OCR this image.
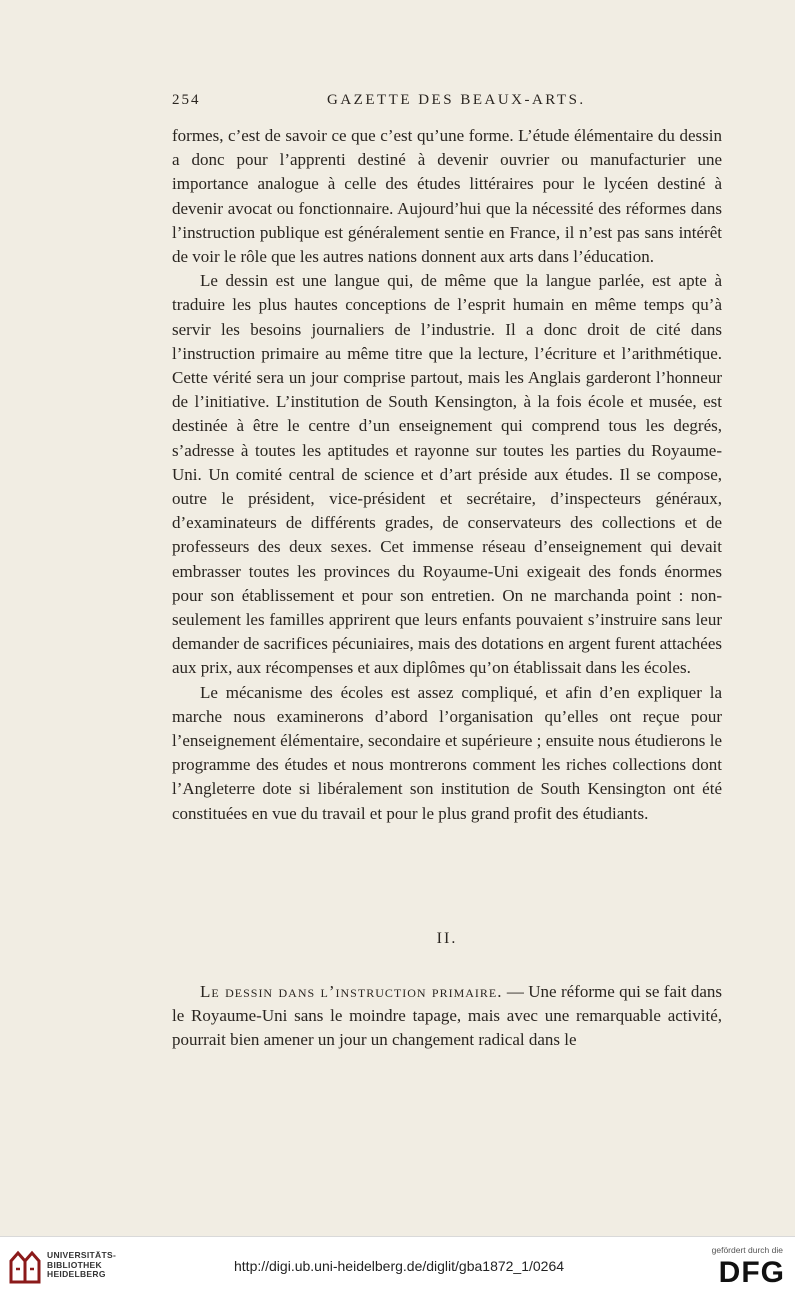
254	GAZETTE DES BEAUX-ARTS.

formes, c’est de savoir ce que c’est qu’une forme. L’étude élémentaire du dessin a donc pour l’apprenti destiné à devenir ouvrier ou manufacturier une importance analogue à celle des études littéraires pour le lycéen destiné à devenir avocat ou fonctionnaire. Aujourd’hui que la nécessité des réformes dans l’instruction publique est généralement sentie en France, il n’est pas sans intérêt de voir le rôle que les autres nations donnent aux arts dans l’éducation.

Le dessin est une langue qui, de même que la langue parlée, est apte à traduire les plus hautes conceptions de l’esprit humain en même temps qu’à servir les besoins journaliers de l’industrie. Il a donc droit de cité dans l’instruction primaire au même titre que la lecture, l’écriture et l’arithmétique. Cette vérité sera un jour comprise partout, mais les Anglais garderont l’honneur de l’initiative. L’institution de South Kensington, à la fois école et musée, est destinée à être le centre d’un enseignement qui comprend tous les degrés, s’adresse à toutes les aptitudes et rayonne sur toutes les parties du Royaume-Uni. Un comité central de science et d’art préside aux études. Il se compose, outre le président, vice-président et secrétaire, d’inspecteurs généraux, d’examinateurs de différents grades, de conservateurs des collections et de professeurs des deux sexes. Cet immense réseau d’enseignement qui devait embrasser toutes les provinces du Royaume-Uni exigeait des fonds énormes pour son établissement et pour son entretien. On ne marchanda point : non-seulement les familles apprirent que leurs enfants pouvaient s’instruire sans leur demander de sacrifices pécuniaires, mais des dotations en argent furent attachées aux prix, aux récompenses et aux diplômes qu’on établissait dans les écoles.

Le mécanisme des écoles est assez compliqué, et afin d’en expliquer la marche nous examinerons d’abord l’organisation qu’elles ont reçue pour l’enseignement élémentaire, secondaire et supérieure ; ensuite nous étudierons le programme des études et nous montrerons comment les riches collections dont l’Angleterre dote si libéralement son institution de South Kensington ont été constituées en vue du travail et pour le plus grand profit des étudiants.

II.
Le dessin dans l’instruction primaire. — Une réforme qui se fait dans le Royaume-Uni sans le moindre tapage, mais avec une remarquable activité, pourrait bien amener un jour un changement radical dans le
UNIVERSITÄTS-
BIBLIOTHEK
HEIDELBERG	http://digi.ub.uni-heidelberg.de/diglit/gba1872_1/0264
gefördert durch die
DFG
